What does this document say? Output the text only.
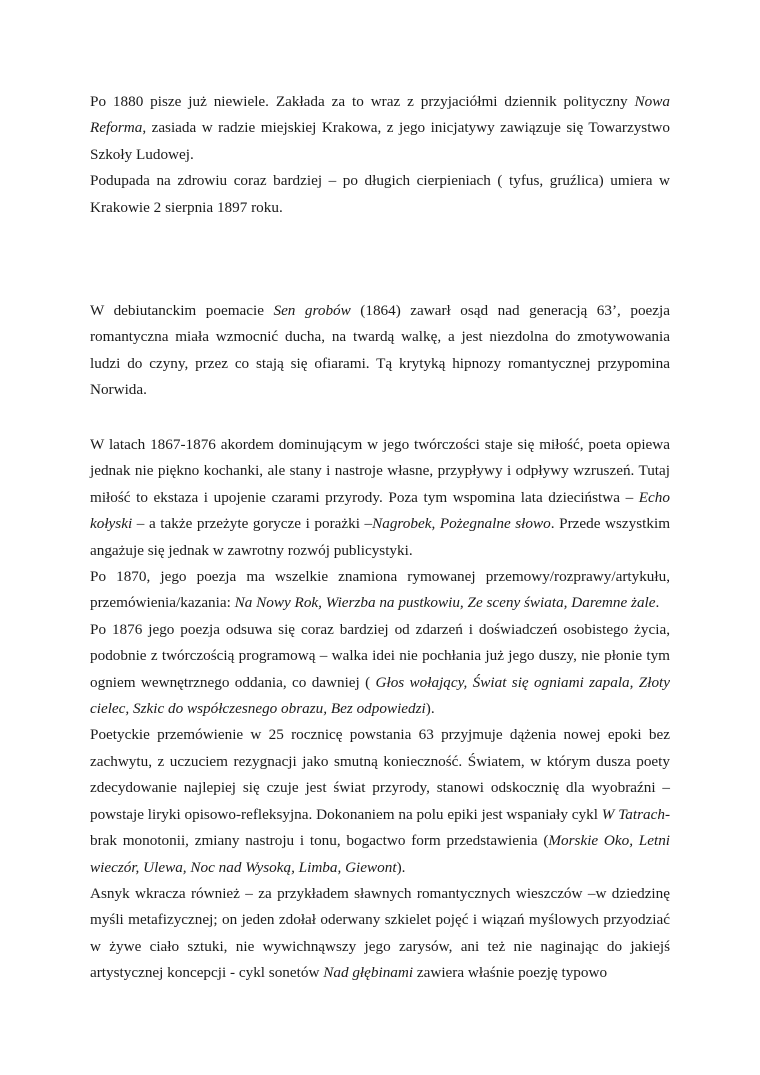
Po 1880 pisze już niewiele. Zakłada za to wraz z przyjaciółmi dziennik polityczny Nowa Reforma, zasiada w radzie miejskiej Krakowa, z jego inicjatywy zawiązuje się Towarzystwo Szkoły Ludowej.

Podupada na zdrowiu coraz bardziej – po długich cierpieniach ( tyfus, gruźlica) umiera w Krakowie 2 sierpnia 1897 roku.

W debiutanckim poemacie Sen grobów (1864) zawarł osąd nad generacją 63’, poezja romantyczna miała wzmocnić ducha, na twardą walkę, a jest niezdolna do zmotywowania ludzi do czyny, przez co stają się ofiarami. Tą krytyką hipnozy romantycznej przypomina Norwida.

W latach 1867-1876 akordem dominującym w jego twórczości staje się miłość, poeta opiewa jednak nie piękno kochanki, ale stany i nastroje własne, przypływy i odpływy wzruszeń. Tutaj miłość to ekstaza i upojenie czarami przyrody. Poza tym wspomina lata dzieciństwa – Echo kołyski – a także przeżyte gorycze i porażki –Nagrobek, Pożegnalne słowo. Przede wszystkim angażuje się jednak w zawrotny rozwój publicystyki.

Po 1870, jego poezja ma wszelkie znamiona rymowanej przemowy/rozprawy/artykułu, przemówienia/kazania: Na Nowy Rok, Wierzba na pustkowiu, Ze sceny świata, Daremne żale.

Po 1876 jego poezja odsuwa się coraz bardziej od zdarzeń i doświadczeń osobistego życia, podobnie z twórczością programową – walka idei nie pochłania już jego duszy, nie płonie tym ogniem wewnętrznego oddania, co dawniej ( Głos wołający, Świat się ogniami zapala, Złoty cielec, Szkic do współczesnego obrazu, Bez odpowiedzi).

Poetyckie przemówienie w 25 rocznicę powstania 63 przyjmuje dążenia nowej epoki bez zachwytu, z uczuciem rezygnacji jako smutną konieczność. Światem, w którym dusza poety zdecydowanie najlepiej się czuje jest świat przyrody, stanowi odskocznię dla wyobraźni – powstaje liryki opisowo-refleksyjna. Dokonaniem na polu epiki jest wspaniały cykl W Tatrach- brak monotonii, zmiany nastroju i tonu, bogactwo form przedstawienia (Morskie Oko, Letni wieczór, Ulewa, Noc nad Wysoką, Limba, Giewont).

Asnyk wkracza również – za przykładem sławnych romantycznych wieszczów –w dziedzinę myśli metafizycznej; on jeden zdołał oderwany szkielet pojęć i wiązań myślowych przyodziać w żywe ciało sztuki, nie wywichnąwszy jego zarysów, ani też nie naginając do jakiejś artystycznej koncepcji - cykl sonetów Nad głębinami zawiera właśnie poezję typowo
